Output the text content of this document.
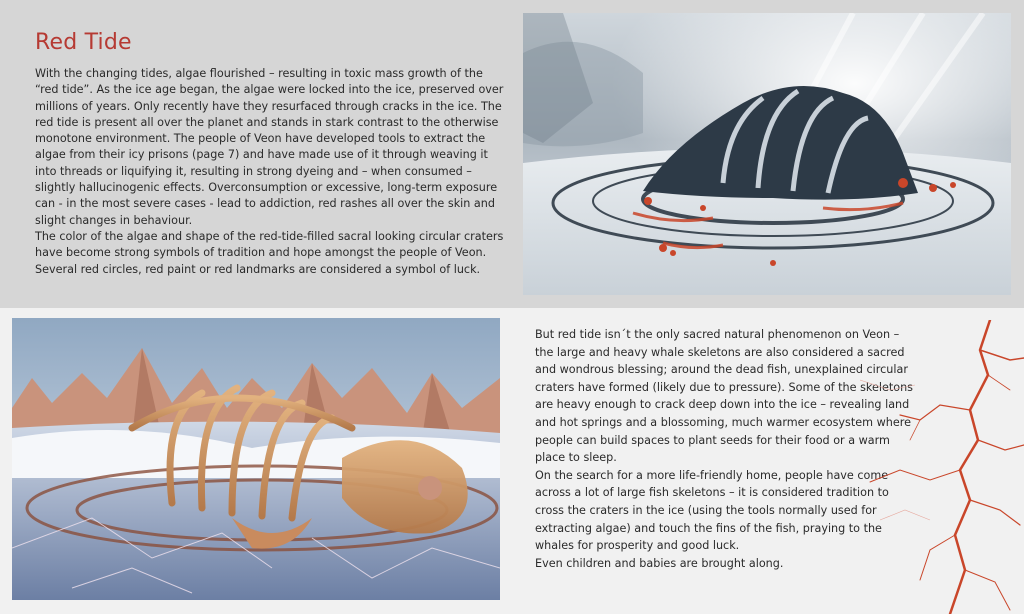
Red Tide

With the changing tides, algae flourished – resulting in toxic mass growth of the “red tide”. As the ice age began, the algae were locked into the ice, preserved over millions of years. Only recently have they resurfaced through cracks in the ice. The red tide is present all over the planet and stands in stark contrast to the otherwise monotone environment. The people of Veon have developed tools to extract the algae from their icy prisons (page 7) and have made use of it through weaving it into threads or liquifying it, resulting in strong dyeing and – when consumed – slightly hallucinogenic effects. Overconsumption or excessive, long-term exposure can - in the most severe cases - lead to addiction, red rashes all over the skin and slight changes in behaviour.

The color of the algae and shape of the red-tide-filled sacral looking circular craters have become strong symbols of tradition and hope amongst the people of Veon. Several red circles, red paint or red landmarks are considered a symbol of luck.

But red tide isn´t the only sacred natural phenomenon on Veon – the large and heavy whale skeletons are also considered a sacred and wondrous blessing; around the dead fish, unexplained circular craters have formed (likely due to pressure). Some of the skeletons are heavy enough to crack deep down into the ice – revealing land and hot springs and a blossoming, much warmer ecosystem where people can build spaces to plant seeds for their food or a warm place to sleep.

On the search for a more life-friendly home, people have come across a lot of large fish skeletons – it is considered tradition to cross the craters in the ice (using the tools normally used for extracting algae) and touch the fins of the fish, praying to the whales for prosperity and good luck.

Even children and babies are brought along.
